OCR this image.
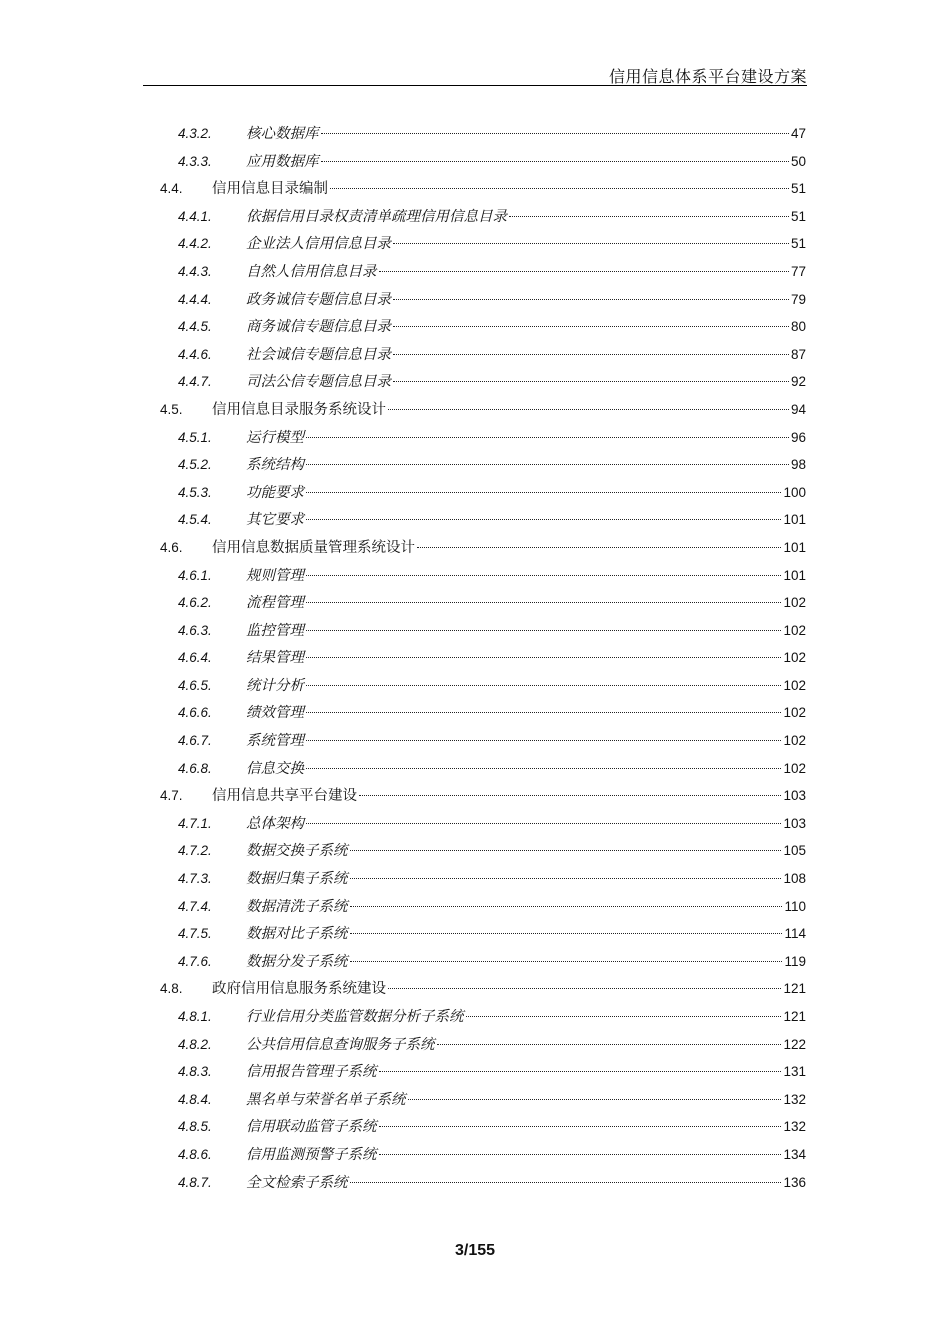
信用信息体系平台建设方案
4.3.2.	核心数据库	47
4.3.3.	应用数据库	50
4.4.	信用信息目录编制	51
4.4.1.	依据信用目录权责清单疏理信用信息目录	51
4.4.2.	企业法人信用信息目录	51
4.4.3.	自然人信用信息目录	77
4.4.4.	政务诚信专题信息目录	79
4.4.5.	商务诚信专题信息目录	80
4.4.6.	社会诚信专题信息目录	87
4.4.7.	司法公信专题信息目录	92
4.5.	信用信息目录服务系统设计	94
4.5.1.	运行模型	96
4.5.2.	系统结构	98
4.5.3.	功能要求	100
4.5.4.	其它要求	101
4.6.	信用信息数据质量管理系统设计	101
4.6.1.	规则管理	101
4.6.2.	流程管理	102
4.6.3.	监控管理	102
4.6.4.	结果管理	102
4.6.5.	统计分析	102
4.6.6.	绩效管理	102
4.6.7.	系统管理	102
4.6.8.	信息交换	102
4.7.	信用信息共享平台建设	103
4.7.1.	总体架构	103
4.7.2.	数据交换子系统	105
4.7.3.	数据归集子系统	108
4.7.4.	数据清洗子系统	110
4.7.5.	数据对比子系统	114
4.7.6.	数据分发子系统	119
4.8.	政府信用信息服务系统建设	121
4.8.1.	行业信用分类监管数据分析子系统	121
4.8.2.	公共信用信息查询服务子系统	122
4.8.3.	信用报告管理子系统	131
4.8.4.	黑名单与荣誉名单子系统	132
4.8.5.	信用联动监管子系统	132
4.8.6.	信用监测预警子系统	134
4.8.7.	全文检索子系统	136
3/155
